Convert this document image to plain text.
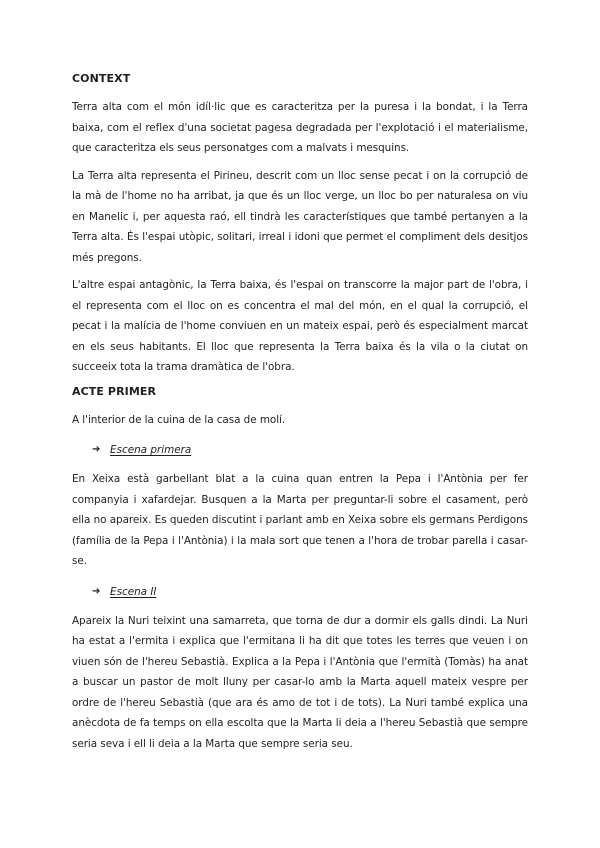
CONTEXT

Terra alta com el món idíl·lic que es caracteritza per la puresa i la bondat, i la Terra baixa, com el reflex d'una societat pagesa degradada per l'explotació i el materialisme, que caracteritza els seus personatges com a malvats i mesquins.

La Terra alta representa el Pirineu, descrit com un lloc sense pecat i on la corrupció de la mà de l'home no ha arribat, ja que és un lloc verge, un lloc bo per naturalesa on viu en Manelic i, per aquesta raó, ell tindrà les característiques que també pertanyen a la Terra alta. És l'espai utòpic, solitari, irreal i idoni que permet el compliment dels desitjos més pregons.

L'altre espai antagònic, la Terra baixa, és l'espai on transcorre la major part de l'obra, i el representa com el lloc on es concentra el mal del món, en el qual la corrupció, el pecat i la malícia de l'home conviuen en un mateix espai, però és especialment marcat en els seus habitants. El lloc que representa la Terra baixa és la vila o la ciutat on succeeix tota la trama dramàtica de l'obra.

ACTE PRIMER

A l'interior de la cuina de la casa de molí.

➔ Escena primera

En Xeixa està garbellant blat a la cuina quan entren la Pepa i l'Antònia per fer companyia i xafardejar. Busquen a la Marta per preguntar-li sobre el casament, però ella no apareix. Es queden discutint i parlant amb en Xeixa sobre els germans Perdigons (família de la Pepa i l'Antònia) i la mala sort que tenen a l'hora de trobar parella i casar-se.

➔ Escena II

Apareix la Nuri teixint una samarreta, que torna de dur a dormir els galls dindi. La Nuri ha estat a l'ermita i explica que l'ermitana li ha dit que totes les terres que veuen i on viuen són de l'hereu Sebastià. Explica a la Pepa i l'Antònia que l'ermità (Tomàs) ha anat a buscar un pastor de molt lluny per casar-lo amb la Marta aquell mateix vespre per ordre de l'hereu Sebastià (que ara és amo de tot i de tots). La Nuri també explica una anècdota de fa temps on ella escolta que la Marta li deia a l'hereu Sebastià que sempre seria seva i ell li deia a la Marta que sempre seria seu.
